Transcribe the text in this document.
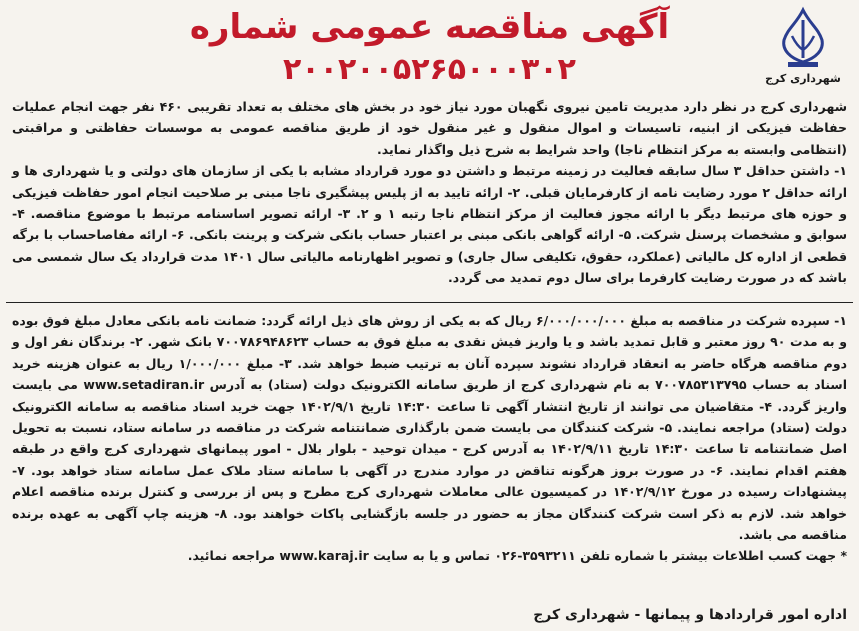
شهرداری کرج
آگهی مناقصه عمومی شماره
۲۰۰۲۰۰۵۲۶۵۰۰۰۳۰۲

شهرداری کرج در نظر دارد مدیریت تامین نیروی نگهبان مورد نیاز خود در بخش های مختلف به تعداد تقریبی ۴۶۰ نفر جهت انجام عملیات حفاظت فیزیکی از ابنیه، تاسیسات و اموال منقول و غیر منقول خود از طریق مناقصه عمومی به موسسات حفاظتی و مراقبتی (انتظامی وابسته به مرکز انتظام ناجا) واحد شرایط به شرح ذیل واگذار نماید.

۱- داشتن حداقل ۳ سال سابقه فعالیت در زمینه مرتبط و داشتن دو مورد قرارداد مشابه با یکی از سازمان های دولتی و یا شهرداری ها و ارائه حداقل ۲ مورد رضایت نامه از کارفرمایان قبلی. ۲- ارائه تایید به از پلیس پیشگیری ناجا مبنی بر صلاحیت انجام امور حفاظت فیزیکی و حوزه های مرتبط دیگر با ارائه مجوز فعالیت از مرکز انتظام ناجا رتبه ۱ و ۲. ۳- ارائه تصویر اساسنامه مرتبط با موضوع مناقصه. ۴- سوابق و مشخصات پرسنل شرکت. ۵- ارائه گواهی بانکی مبنی بر اعتبار حساب بانکی شرکت و پرینت بانکی. ۶- ارائه مفاصاحساب با برگه قطعی از اداره کل مالیاتی (عملکرد، حقوق، تکلیفی سال جاری) و تصویر اظهارنامه مالیاتی سال ۱۴۰۱ مدت قرارداد یک سال شمسی می باشد که در صورت رضایت کارفرما برای سال دوم تمدید می گردد.

۱- سپرده شرکت در مناقصه به مبلغ ۶/۰۰۰/۰۰۰/۰۰۰ ریال که به یکی از روش های ذیل ارائه گردد: ضمانت نامه بانکی معادل مبلغ فوق بوده و به مدت ۹۰ روز معتبر و قابل تمدید باشد و یا واریز فیش نقدی به مبلغ فوق به حساب ۷۰۰۷۸۶۹۴۸۶۲۳ بانک شهر. ۲- برندگان نفر اول و دوم مناقصه هرگاه حاضر به انعقاد قرارداد نشوند سپرده آنان به ترتیب ضبط خواهد شد. ۳- مبلغ ۱/۰۰۰/۰۰۰ ریال به عنوان هزینه خرید اسناد به حساب ۷۰۰۷۸۵۳۱۳۷۹۵ به نام شهرداری کرج از طریق سامانه الکترونیک دولت (ستاد) به آدرس www.setadiran.ir می بایست واریز گردد. ۴- متقاضیان می توانند از تاریخ انتشار آگهی تا ساعت ۱۴:۳۰ تاریخ ۱۴۰۲/۹/۱ جهت خرید اسناد مناقصه به سامانه الکترونیک دولت (ستاد) مراجعه نمایند. ۵- شرکت کنندگان می بایست ضمن بارگذاری ضمانتنامه شرکت در مناقصه در سامانه ستاد، نسبت به تحویل اصل ضمانتنامه تا ساعت ۱۴:۳۰ تاریخ ۱۴۰۲/۹/۱۱ به آدرس کرج - میدان توحید - بلوار بلال - امور پیمانهای شهرداری کرج واقع در طبقه هفتم اقدام نمایند. ۶- در صورت بروز هرگونه تناقض در موارد مندرج در آگهی با سامانه ستاد ملاک عمل سامانه ستاد خواهد بود. ۷- پیشنهادات رسیده در مورخ ۱۴۰۲/۹/۱۲ در کمیسیون عالی معاملات شهرداری کرج مطرح و پس از بررسی و کنترل برنده مناقصه اعلام خواهد شد. لازم به ذکر است شرکت کنندگان مجاز به حضور در جلسه بازگشایی پاکات خواهند بود. ۸- هزینه چاپ آگهی به عهده برنده مناقصه می باشد.

* جهت کسب اطلاعات بیشتر با شماره تلفن ۳۵۹۳۲۱۱-۰۲۶ تماس و یا به سایت www.karaj.ir مراجعه نمائید.

اداره امور قراردادها و پیمانها - شهرداری کرج
